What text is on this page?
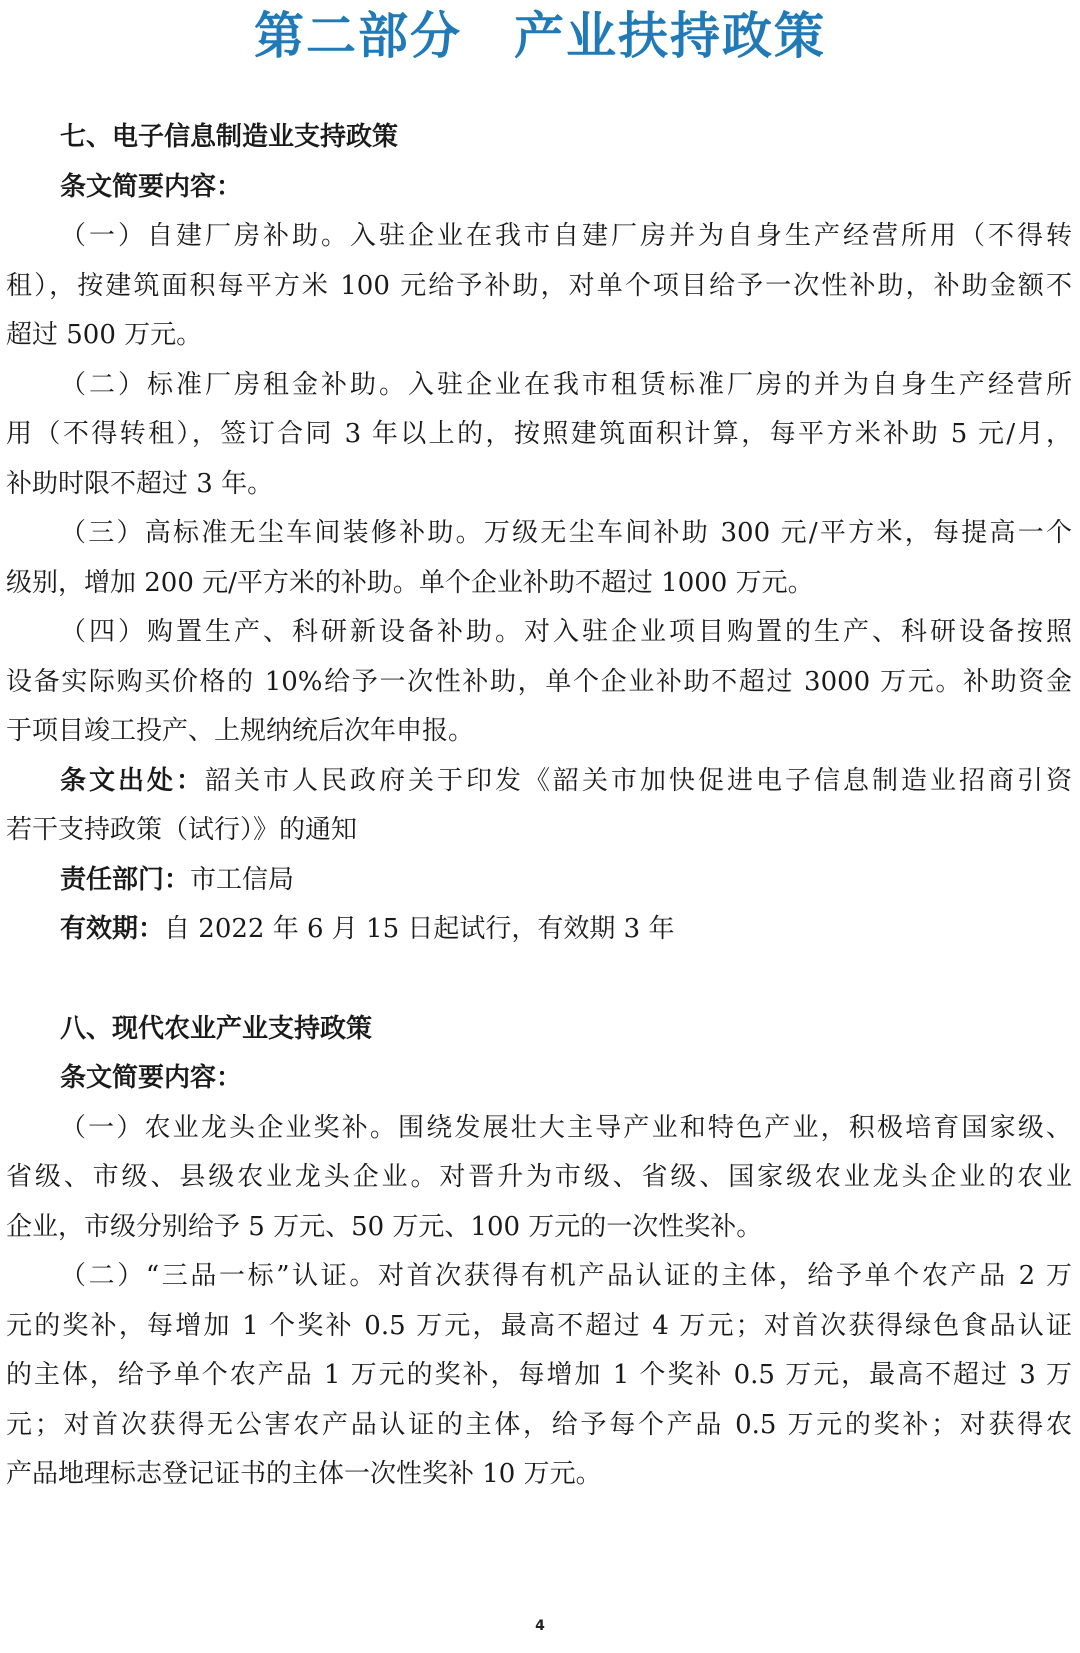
第二部分　产业扶持政策
七、电子信息制造业支持政策
条文简要内容：
（一）自建厂房补助。入驻企业在我市自建厂房并为自身生产经营所用（不得转
租），按建筑面积每平方米 100 元给予补助，对单个项目给予一次性补助，补助金额不
超过 500 万元。
（二）标准厂房租金补助。入驻企业在我市租赁标准厂房的并为自身生产经营所
用（不得转租），签订合同 3 年以上的，按照建筑面积计算，每平方米补助 5 元/月，
补助时限不超过 3 年。
（三）高标准无尘车间装修补助。万级无尘车间补助 300 元/平方米，每提高一个
级别，增加 200 元/平方米的补助。单个企业补助不超过 1000 万元。
（四）购置生产、科研新设备补助。对入驻企业项目购置的生产、科研设备按照
设备实际购买价格的 10%给予一次性补助，单个企业补助不超过 3000 万元。补助资金
于项目竣工投产、上规纳统后次年申报。
条文出处：韶关市人民政府关于印发《韶关市加快促进电子信息制造业招商引资
若干支持政策（试行）》的通知
责任部门：市工信局
有效期：自 2022 年 6 月 15 日起试行，有效期 3 年
八、现代农业产业支持政策
条文简要内容：
（一）农业龙头企业奖补。围绕发展壮大主导产业和特色产业，积极培育国家级、
省级、市级、县级农业龙头企业。对晋升为市级、省级、国家级农业龙头企业的农业
企业，市级分别给予 5 万元、50 万元、100 万元的一次性奖补。
（二）“三品一标”认证。对首次获得有机产品认证的主体，给予单个农产品 2 万
元的奖补，每增加 1 个奖补 0.5 万元，最高不超过 4 万元；对首次获得绿色食品认证
的主体，给予单个农产品 1 万元的奖补，每增加 1 个奖补 0.5 万元，最高不超过 3 万
元；对首次获得无公害农产品认证的主体，给予每个产品 0.5 万元的奖补；对获得农
产品地理标志登记证书的主体一次性奖补 10 万元。
4
